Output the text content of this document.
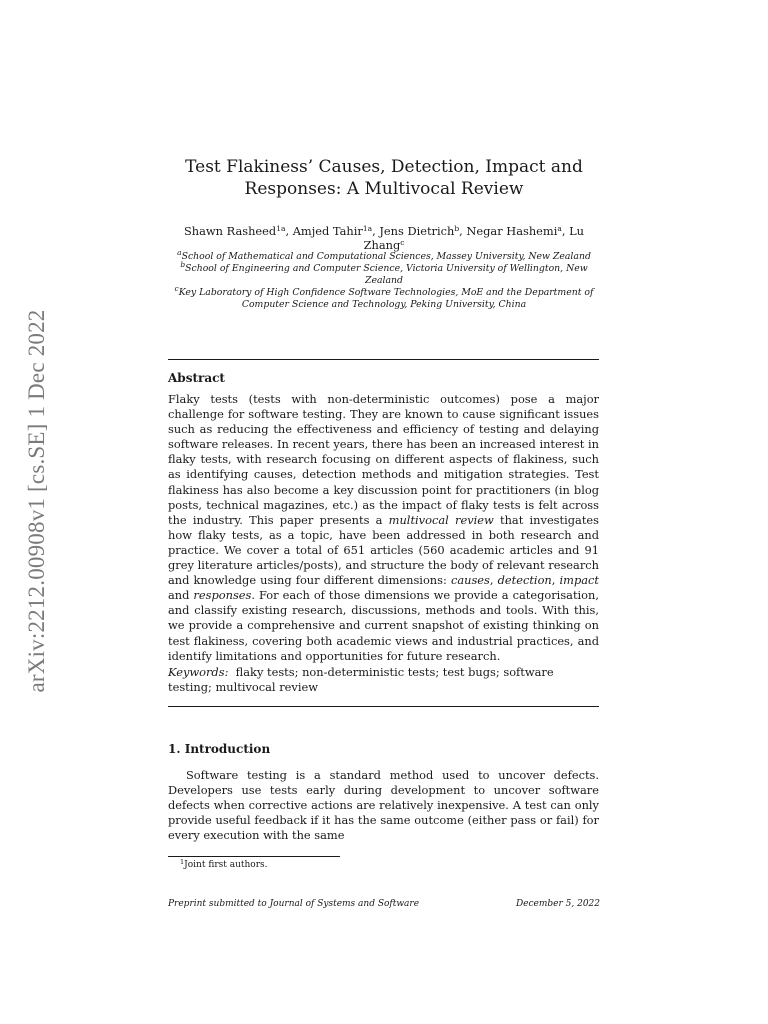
arXiv:2212.00908v1 [cs.SE] 1 Dec 2022
Test Flakiness’ Causes, Detection, Impact and
Responses: A Multivocal Review
Shawn Rasheed$^{1a}$, Amjed Tahir$^{1a}$, Jens Dietrich$^b$, Negar Hashemi$^a$, Lu Zhang$^c$
$^a$School of Mathematical and Computational Sciences, Massey University, New Zealand
$^b$School of Engineering and Computer Science, Victoria University of Wellington, New Zealand
$^c$Key Laboratory of High Confidence Software Technologies, MoE and the Department of Computer Science and Technology, Peking University, China
Abstract
Flaky tests (tests with non-deterministic outcomes) pose a major challenge for software testing. They are known to cause significant issues such as reducing the effectiveness and efficiency of testing and delaying software releases. In recent years, there has been an increased interest in flaky tests, with research focusing on different aspects of flakiness, such as identifying causes, detection methods and mitigation strategies. Test flakiness has also become a key discussion point for practitioners (in blog posts, technical magazines, etc.) as the impact of flaky tests is felt across the industry. This paper presents a multivocal review that investigates how flaky tests, as a topic, have been addressed in both research and practice. We cover a total of 651 articles (560 academic articles and 91 grey literature articles/posts), and structure the body of relevant research and knowledge using four different dimensions: causes, detection, impact and responses. For each of those dimensions we provide a categorisation, and classify existing research, discussions, methods and tools. With this, we provide a comprehensive and current snapshot of existing thinking on test flakiness, covering both academic views and industrial practices, and identify limitations and opportunities for future research.
Keywords: flaky tests; non-deterministic tests; test bugs; software testing; multivocal review
1. Introduction
Software testing is a standard method used to uncover defects. Developers use tests early during development to uncover software defects when corrective actions are relatively inexpensive. A test can only provide useful feedback if it has the same outcome (either pass or fail) for every execution with the same
$^1$Joint first authors.
Preprint submitted to Journal of Systems and Software	December 5, 2022
